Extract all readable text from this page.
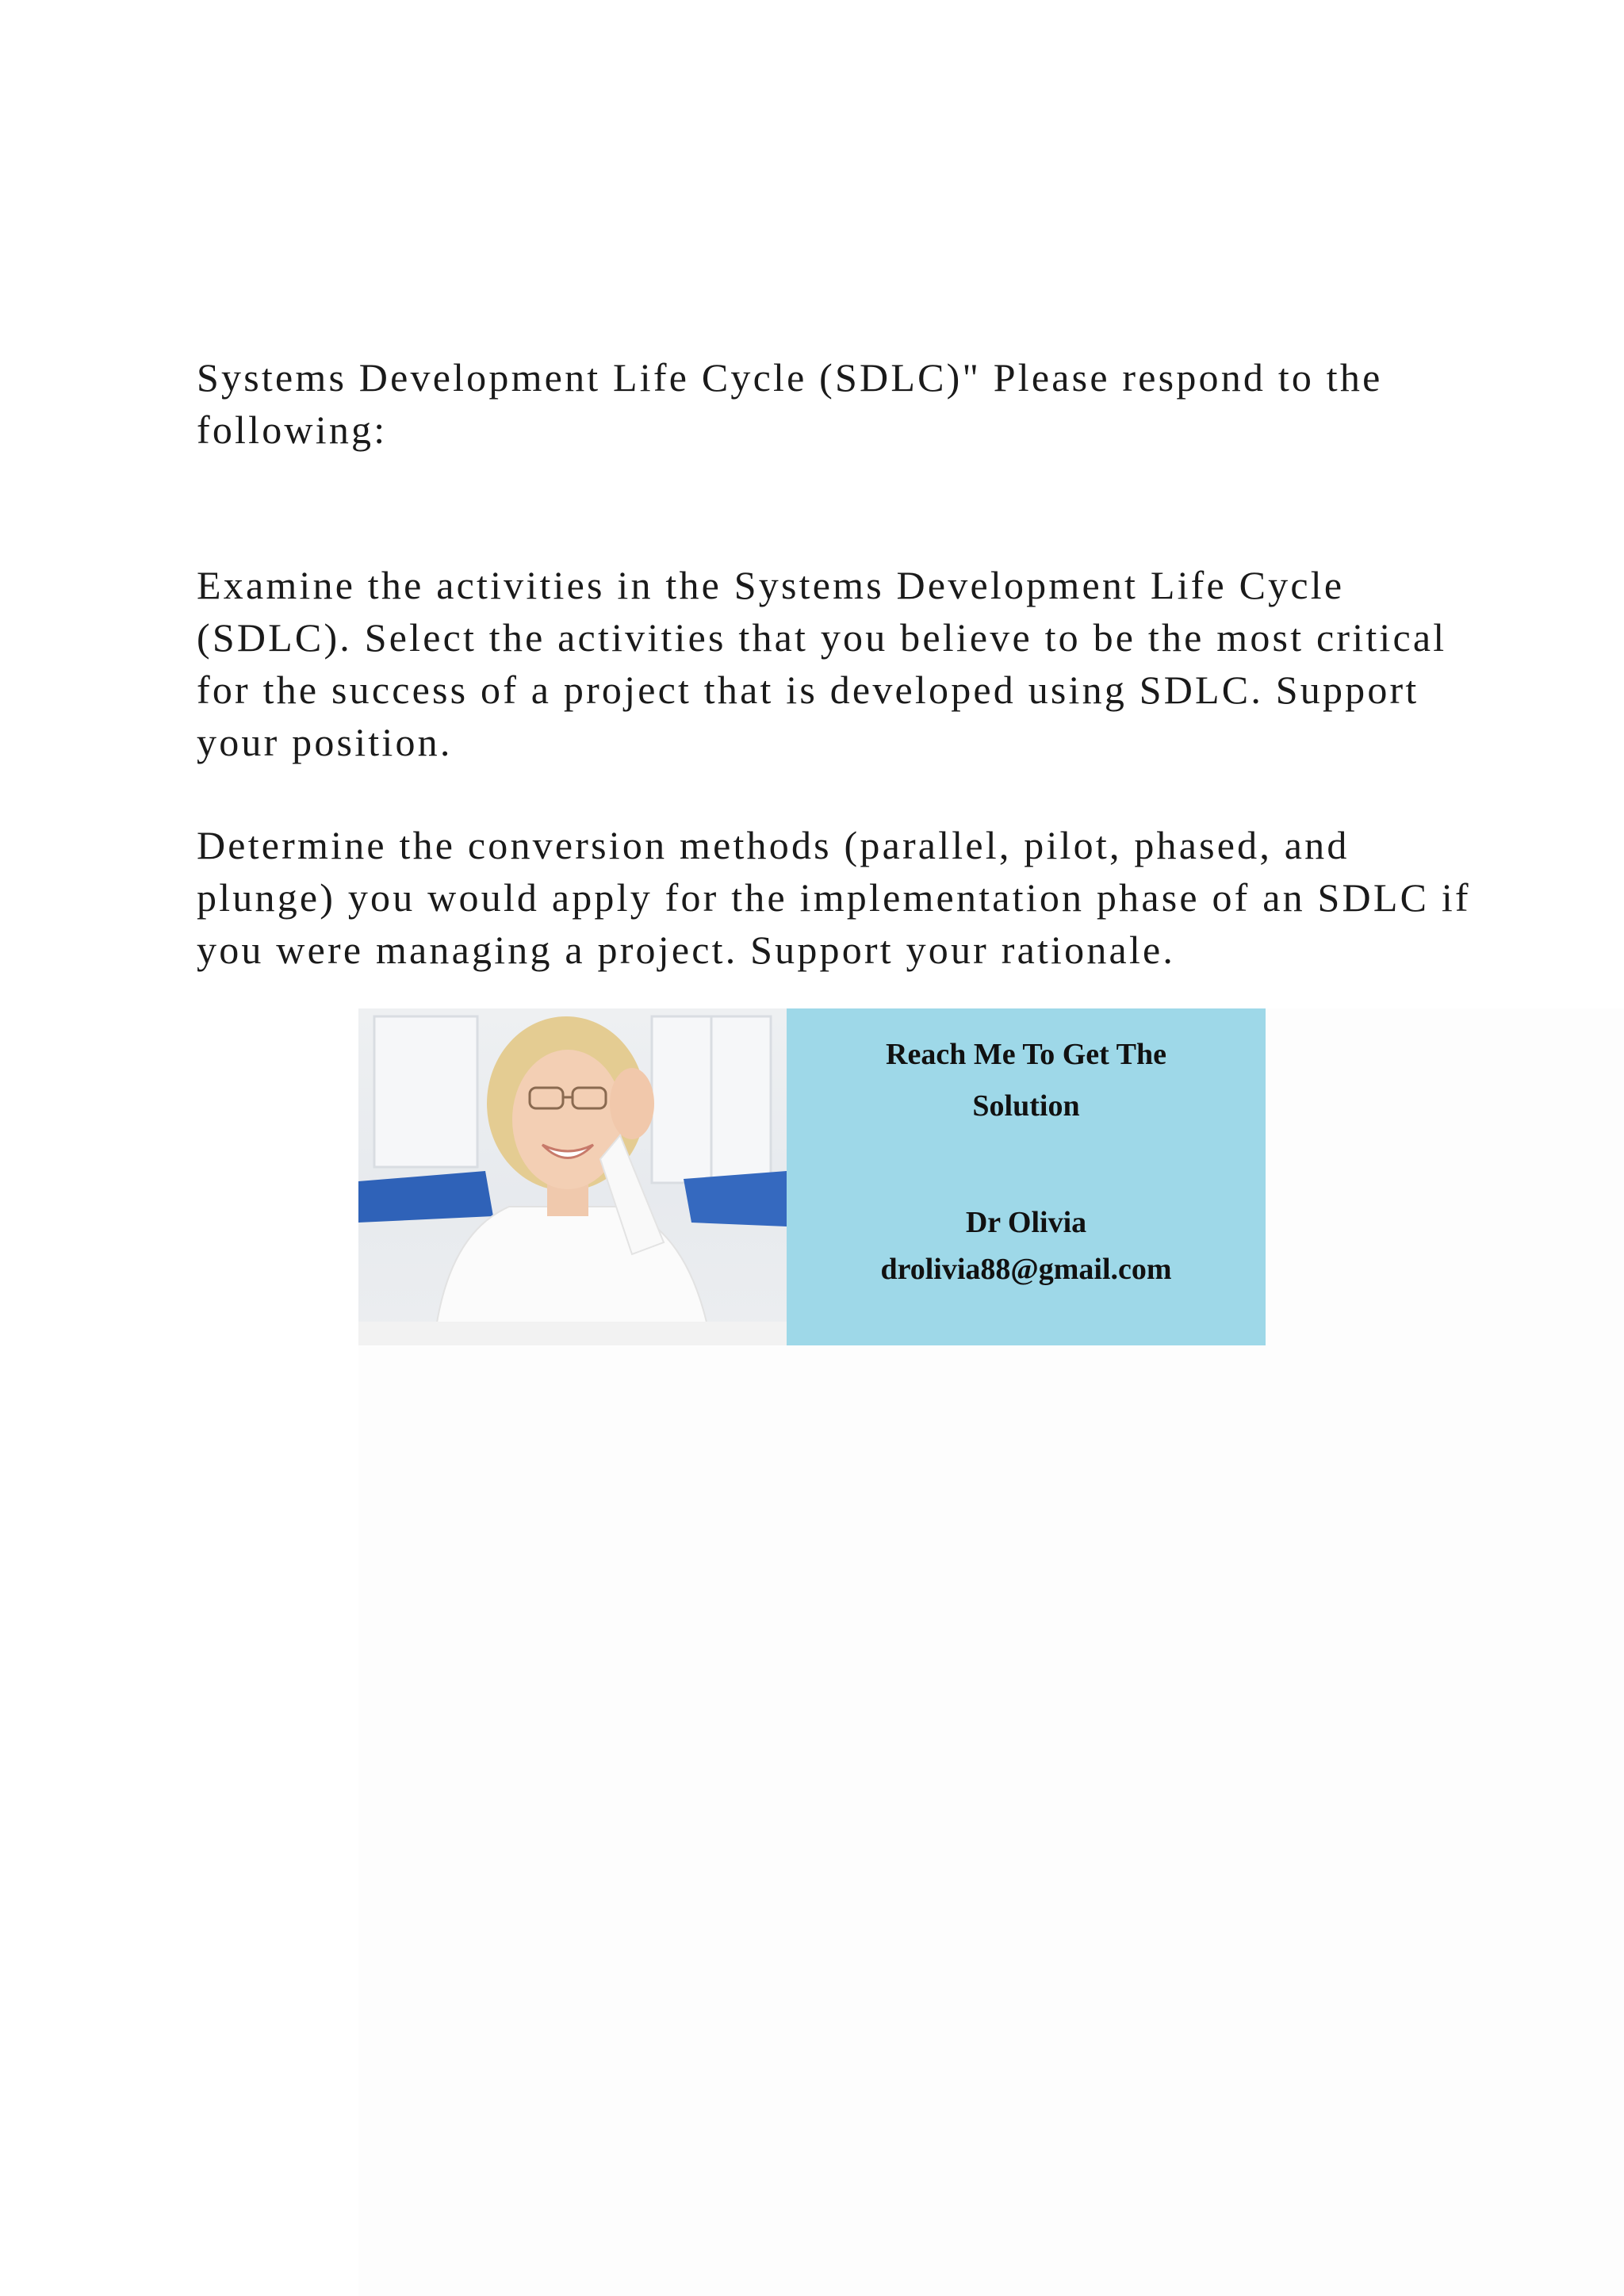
Systems Development Life Cycle (SDLC)" Please respond to the following:

Examine the activities in the Systems Development Life Cycle (SDLC). Select the activities that you believe to be the most critical for the success of a project that is developed using SDLC. Support your position.

Determine the conversion methods (parallel, pilot, phased, and plunge) you would apply for the implementation phase of an SDLC if you were managing a project. Support your rationale.

Reach Me To Get The
Solution
Dr Olivia
drolivia88@gmail.com
